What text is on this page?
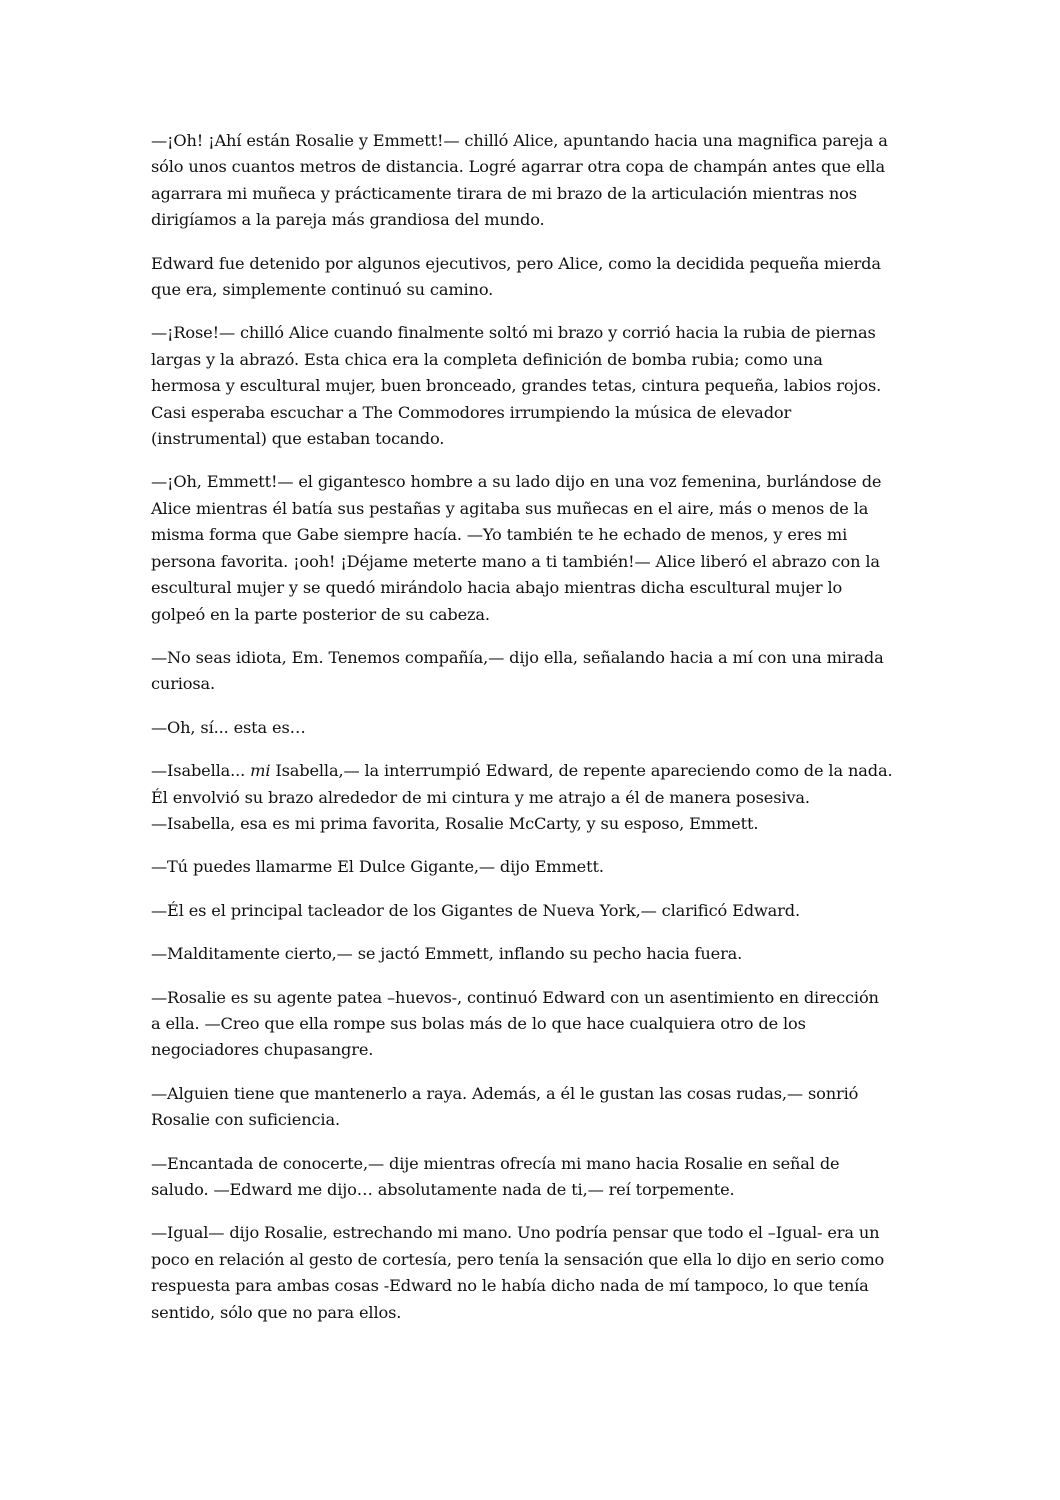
—¡Oh! ¡Ahí están Rosalie y Emmett!— chilló Alice, apuntando hacia una magnifica pareja a
sólo unos cuantos metros de distancia. Logré agarrar otra copa de champán antes que ella
agarrara mi muñeca y prácticamente tirara de mi brazo de la articulación mientras nos
dirigíamos a la pareja más grandiosa del mundo.

Edward fue detenido por algunos ejecutivos, pero Alice, como la decidida pequeña mierda
que era, simplemente continuó su camino.

—¡Rose!— chilló Alice cuando finalmente soltó mi brazo y corrió hacia la rubia de piernas
largas y la abrazó. Esta chica era la completa definición de bomba rubia; como una
hermosa y escultural mujer, buen bronceado, grandes tetas, cintura pequeña, labios rojos.
Casi esperaba escuchar a The Commodores irrumpiendo la música de elevador
(instrumental) que estaban tocando.

—¡Oh, Emmett!— el gigantesco hombre a su lado dijo en una voz femenina, burlándose de
Alice mientras él batía sus pestañas y agitaba sus muñecas en el aire, más o menos de la
misma forma que Gabe siempre hacía. —Yo también te he echado de menos, y eres mi
persona favorita. ¡ooh! ¡Déjame meterte mano a ti también!— Alice liberó el abrazo con la
escultural mujer y se quedó mirándolo hacia abajo mientras dicha escultural mujer lo
golpeó en la parte posterior de su cabeza.

—No seas idiota, Em. Tenemos compañía,— dijo ella, señalando hacia a mí con una mirada
curiosa.

—Oh, sí... esta es…

—Isabella... mi Isabella,— la interrumpió Edward, de repente apareciendo como de la nada.
Él envolvió su brazo alrededor de mi cintura y me atrajo a él de manera posesiva.
—Isabella, esa es mi prima favorita, Rosalie McCarty, y su esposo, Emmett.

—Tú puedes llamarme El Dulce Gigante,— dijo Emmett.

—Él es el principal tacleador de los Gigantes de Nueva York,— clarificó Edward.

—Malditamente cierto,— se jactó Emmett, inflando su pecho hacia fuera.

—Rosalie es su agente patea –huevos-, continuó Edward con un asentimiento en dirección
a ella. —Creo que ella rompe sus bolas más de lo que hace cualquiera otro de los
negociadores chupasangre.

—Alguien tiene que mantenerlo a raya. Además, a él le gustan las cosas rudas,— sonrió
Rosalie con suficiencia.

—Encantada de conocerte,— dije mientras ofrecía mi mano hacia Rosalie en señal de
saludo. —Edward me dijo… absolutamente nada de ti,— reí torpemente.

—Igual— dijo Rosalie, estrechando mi mano. Uno podría pensar que todo el –Igual- era un
poco en relación al gesto de cortesía, pero tenía la sensación que ella lo dijo en serio como
respuesta para ambas cosas -Edward no le había dicho nada de mí tampoco, lo que tenía
sentido, sólo que no para ellos.
